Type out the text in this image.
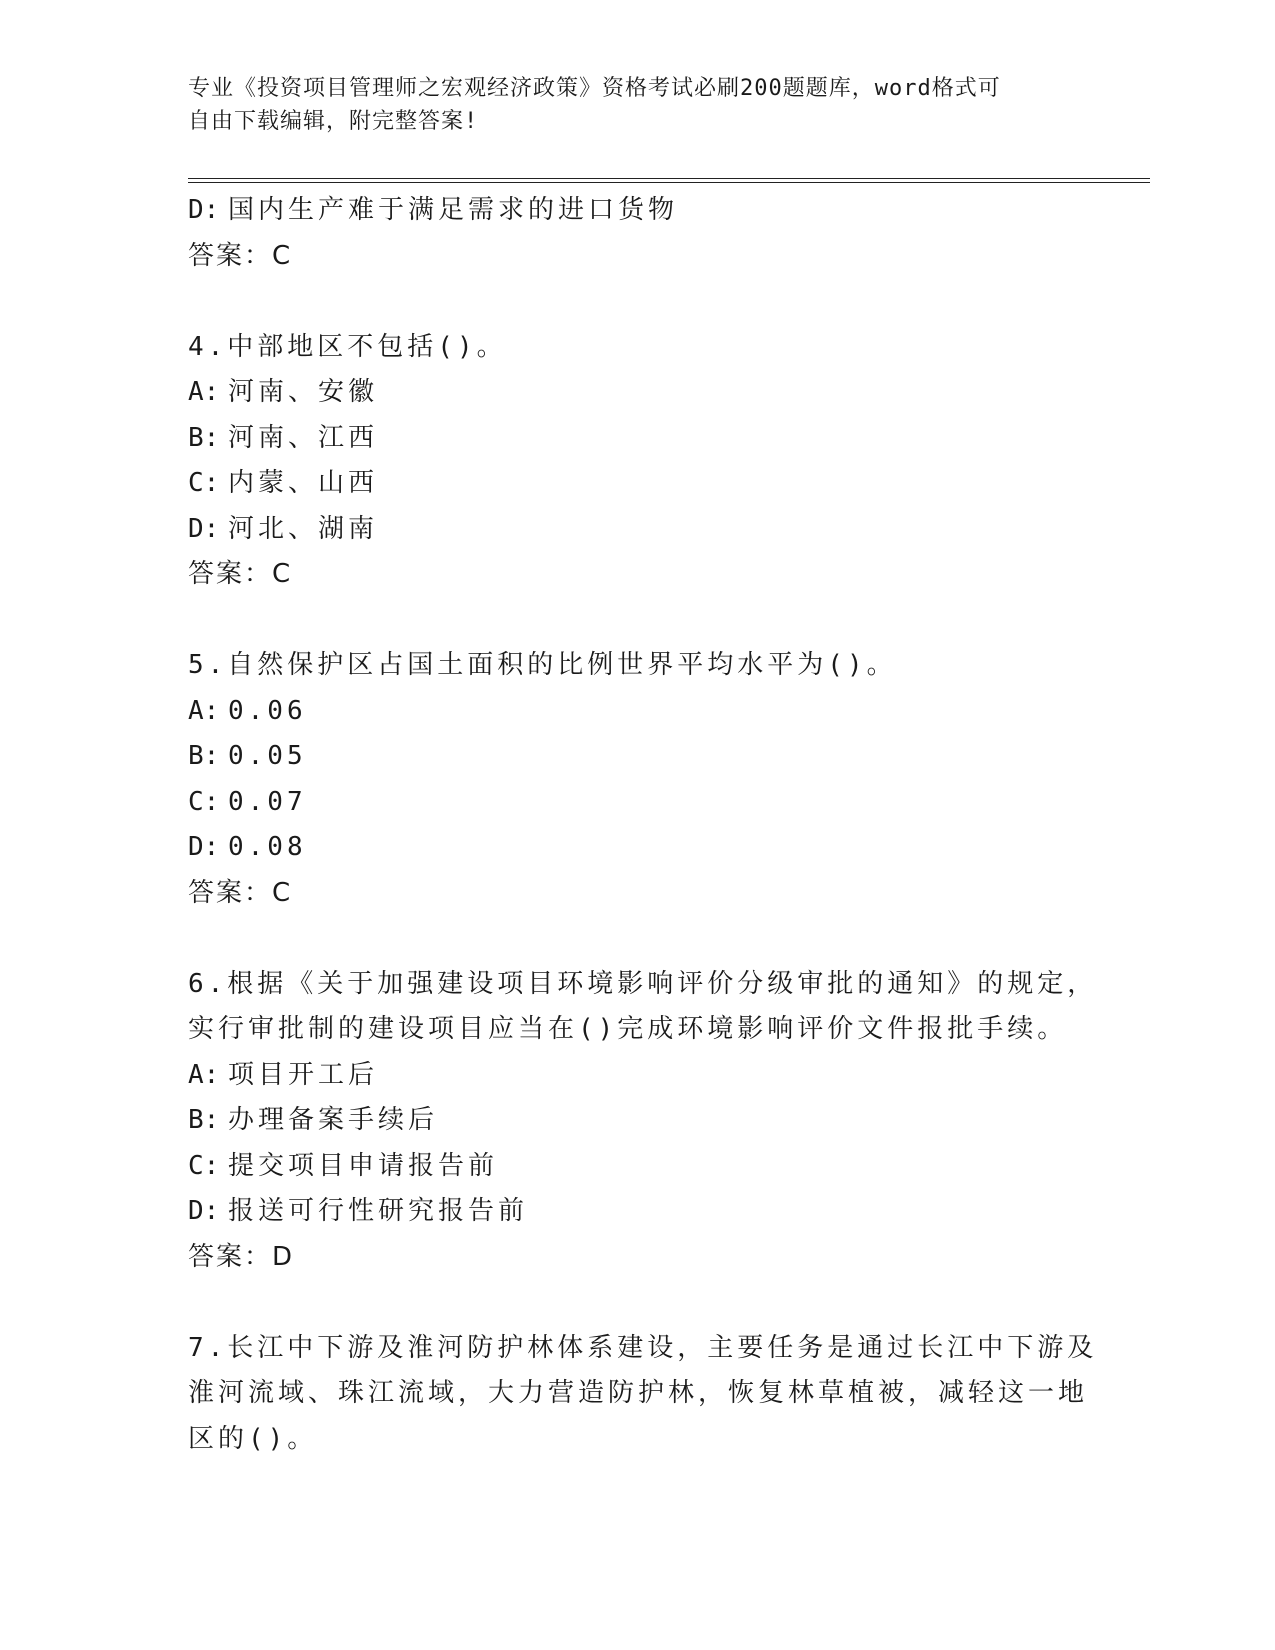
专业《投资项目管理师之宏观经济政策》资格考试必刷200题题库，word格式可
自由下载编辑，附完整答案!
D: 国内生产难于满足需求的进口货物
答案：C
4.中部地区不包括()。
A: 河南、安徽
B: 河南、江西
C: 内蒙、山西
D: 河北、湖南
答案：C
5.自然保护区占国土面积的比例世界平均水平为()。
A: 0.06
B: 0.05
C: 0.07
D: 0.08
答案：C
6.根据《关于加强建设项目环境影响评价分级审批的通知》的规定，
实行审批制的建设项目应当在()完成环境影响评价文件报批手续。
A: 项目开工后
B: 办理备案手续后
C: 提交项目申请报告前
D: 报送可行性研究报告前
答案：D
7.长江中下游及淮河防护林体系建设，主要任务是通过长江中下游及
淮河流域、珠江流域，大力营造防护林，恢复林草植被，减轻这一地
区的()。
